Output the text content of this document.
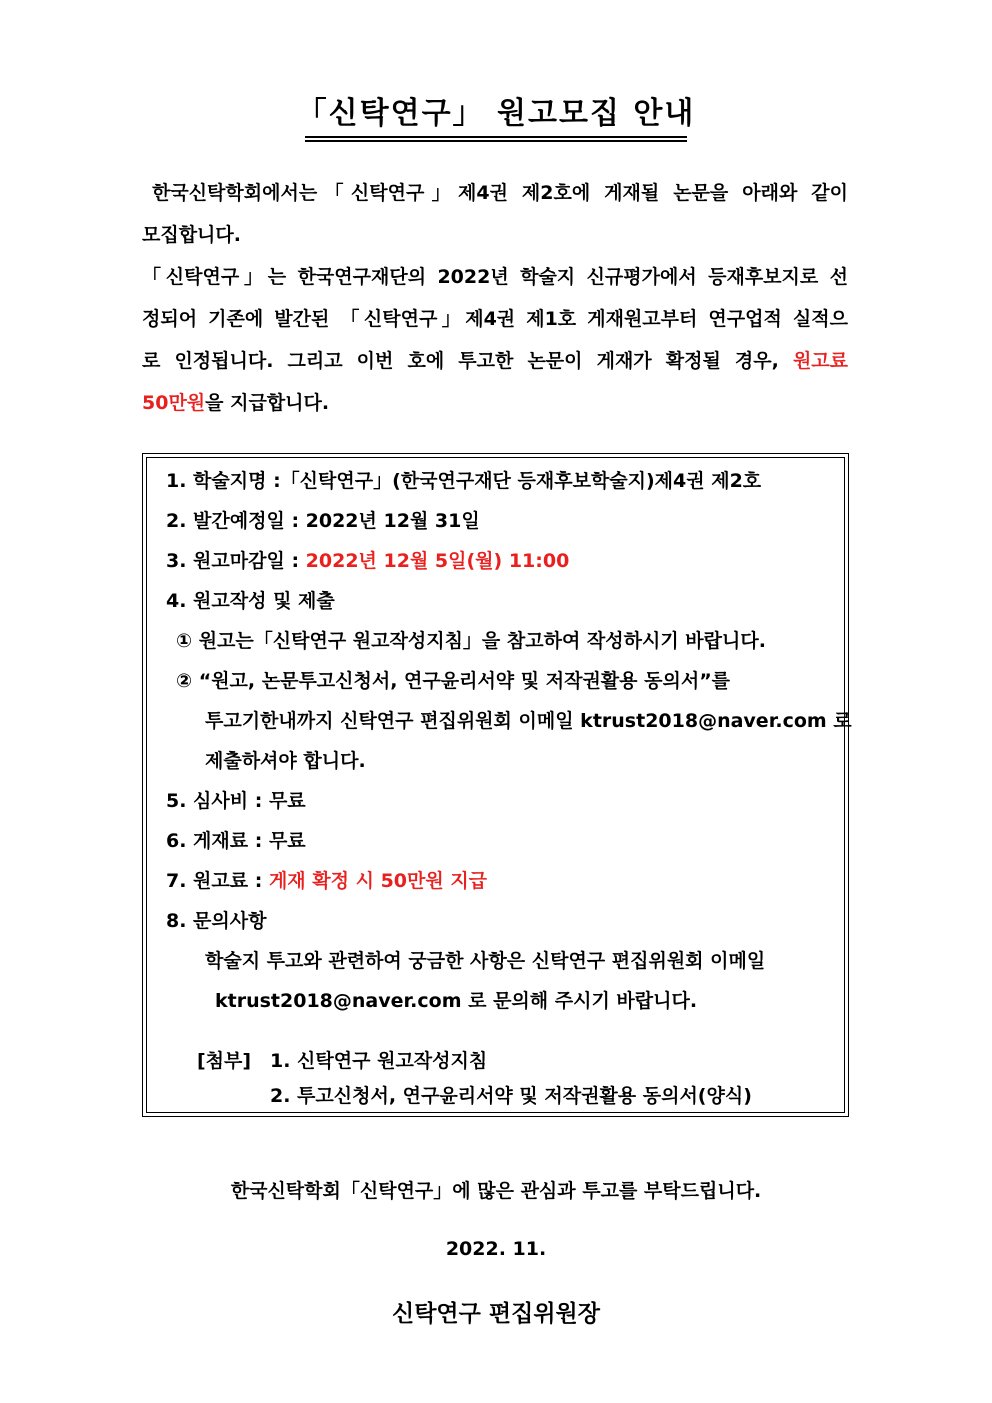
「신탁연구」 원고모집 안내
한국신탁학회에서는「신탁연구」제4권 제2호에 게재될 논문을 아래와 같이
모집합니다.
「신탁연구」는 한국연구재단의 2022년 학술지 신규평가에서 등재후보지로 선
정되어 기존에 발간된 「신탁연구」제4권 제1호 게재원고부터 연구업적 실적으
로 인정됩니다. 그리고 이번 호에 투고한 논문이 게재가 확정될 경우, 원고료
50만원을 지급합니다.
1. 학술지명 :「신탁연구」(한국연구재단 등재후보학술지)제4권 제2호
2. 발간예정일 : 2022년 12월 31일
3. 원고마감일 : 2022년 12월 5일(월) 11:00
4. 원고작성 및 제출
① 원고는「신탁연구 원고작성지침」을 참고하여 작성하시기 바랍니다.
② “원고, 논문투고신청서, 연구윤리서약 및 저작권활용 동의서”를
투고기한내까지 신탁연구 편집위원회 이메일 ktrust2018@naver.com 로
제출하셔야 합니다.
5. 심사비 : 무료
6. 게재료 : 무료
7. 원고료 : 게재 확정 시 50만원 지급
8. 문의사항
학술지 투고와 관련하여 궁금한 사항은 신탁연구 편집위원회 이메일
ktrust2018@naver.com 로 문의해 주시기 바랍니다.
[첨부] 1. 신탁연구 원고작성지침
2. 투고신청서, 연구윤리서약 및 저작권활용 동의서(양식)
한국신탁학회「신탁연구」에 많은 관심과 투고를 부탁드립니다.
2022. 11.
신탁연구 편집위원장
